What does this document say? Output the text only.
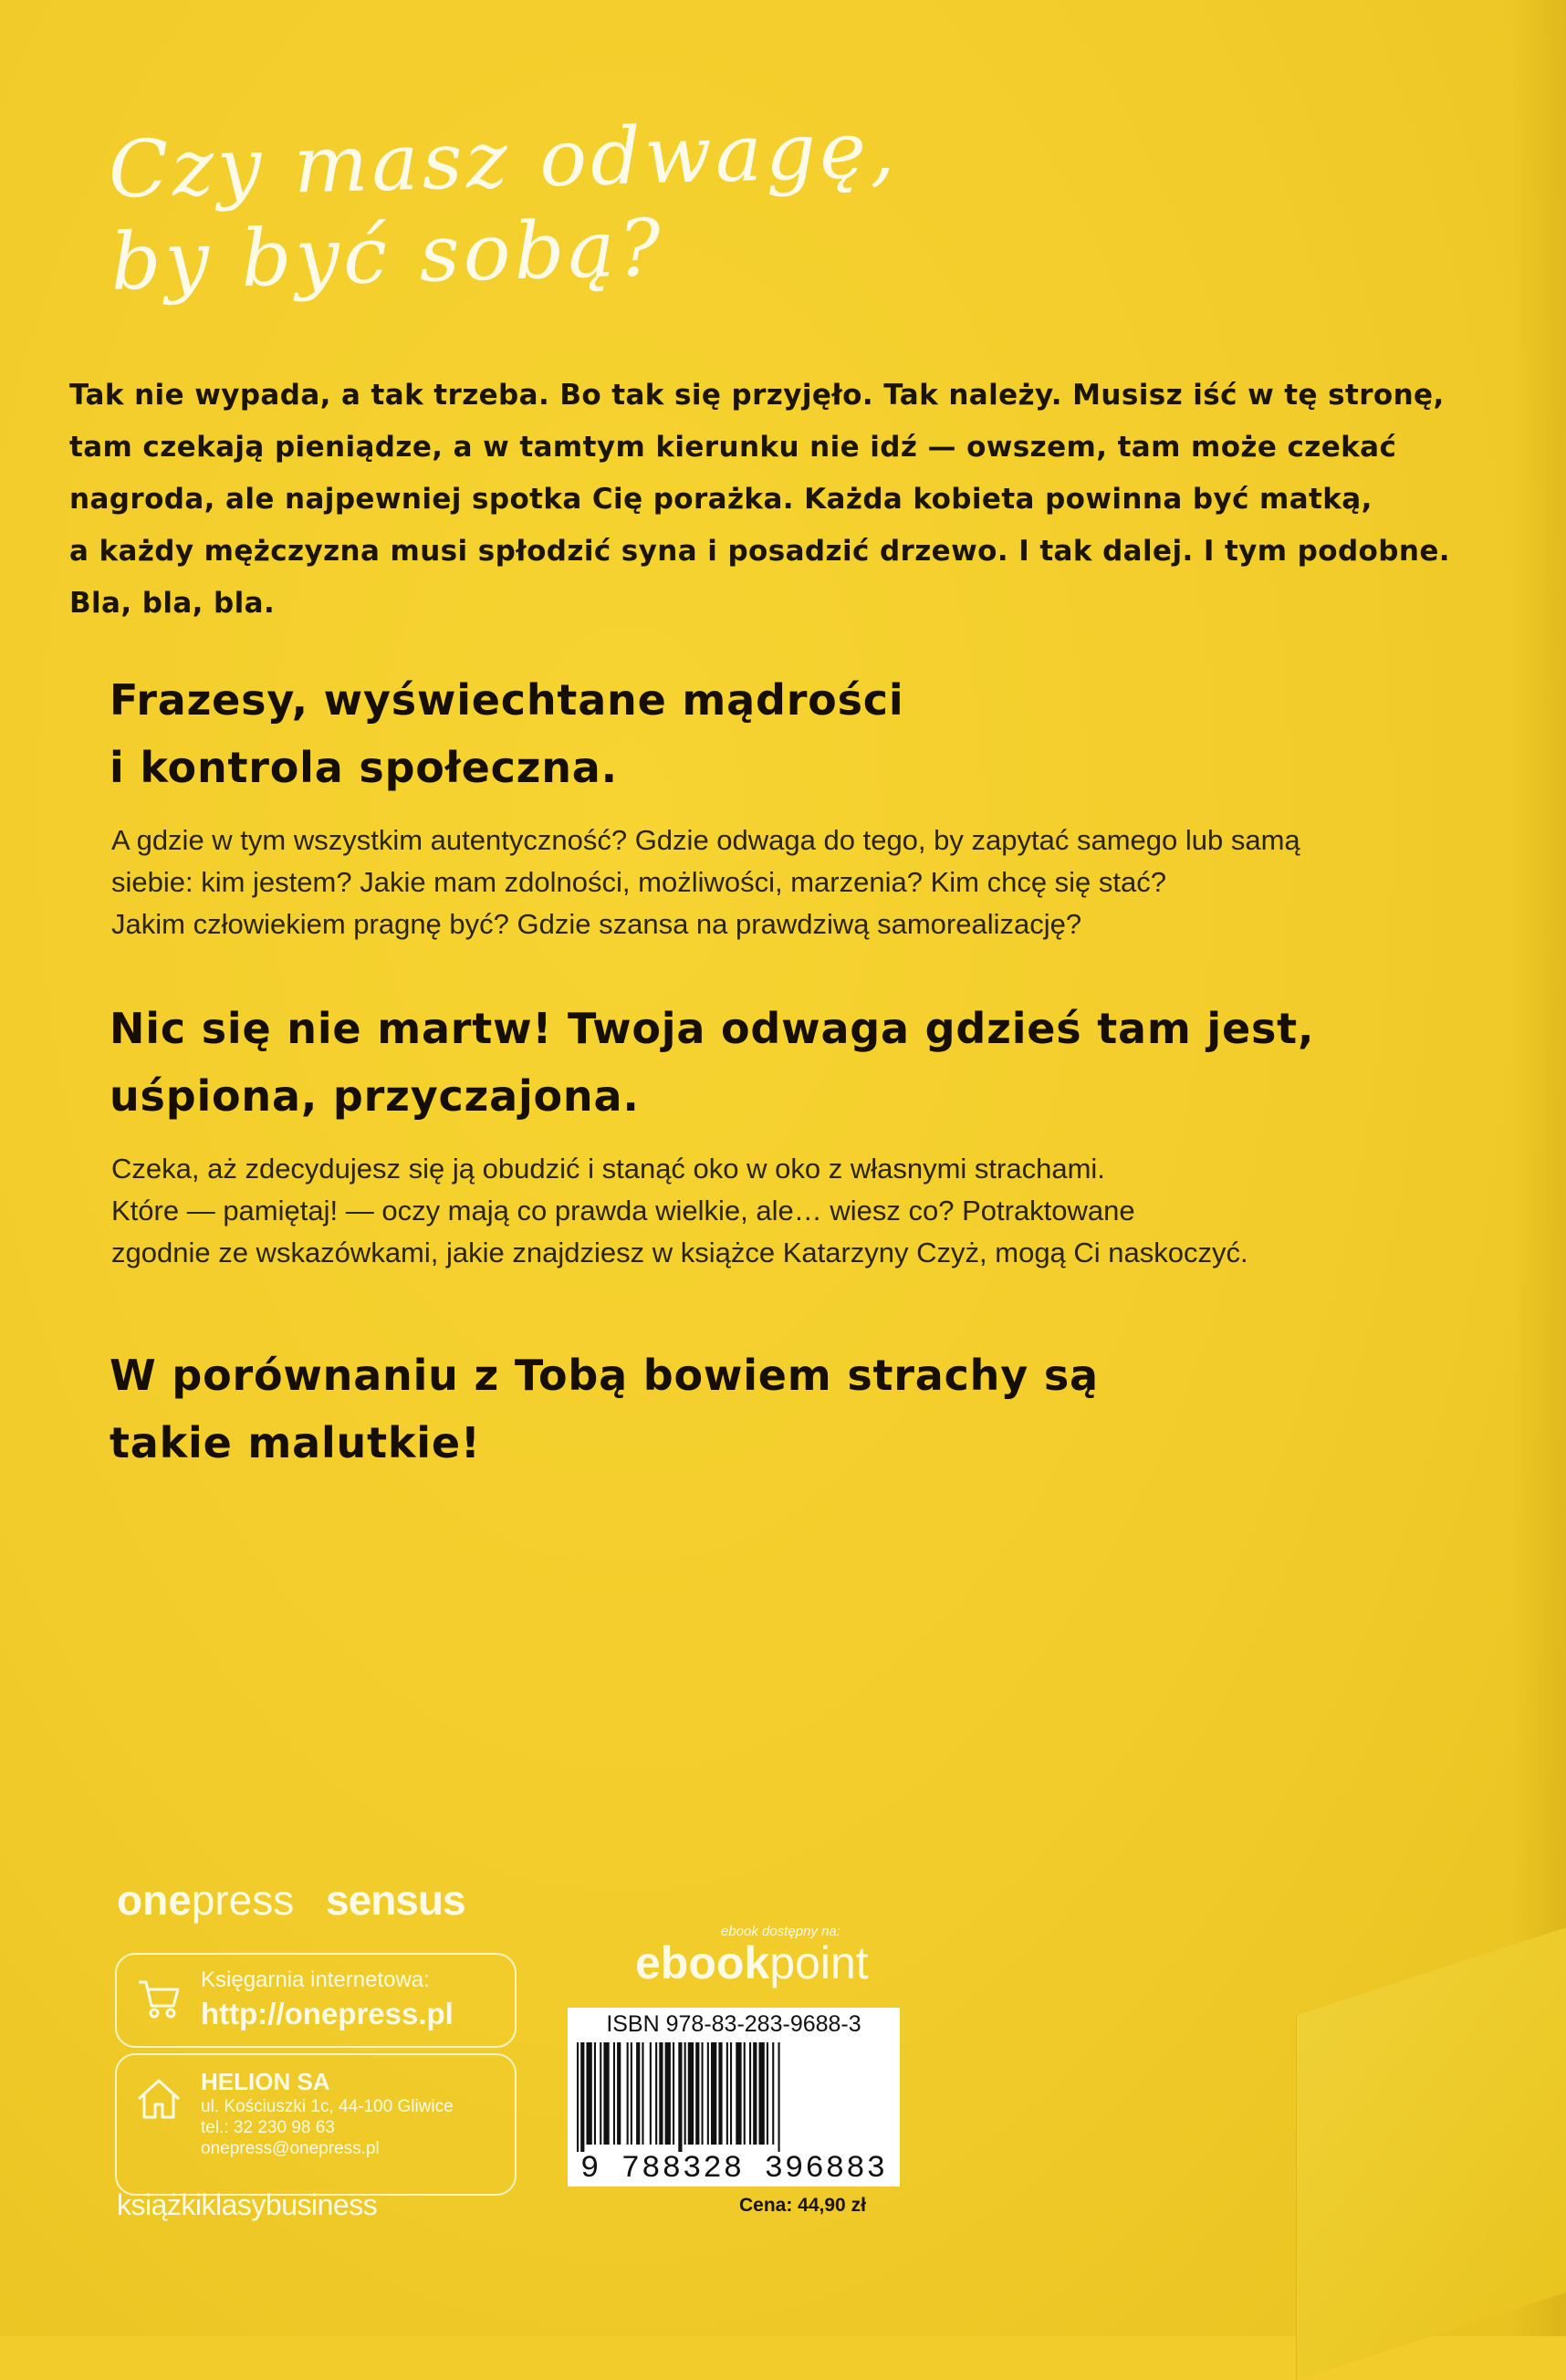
Czy masz odwagę,
by być sobą?
Tak nie wypada, a tak trzeba. Bo tak się przyjęło. Tak należy. Musisz iść w tę stronę,
tam czekają pieniądze, a w tamtym kierunku nie idź — owszem, tam może czekać
nagroda, ale najpewniej spotka Cię porażka. Każda kobieta powinna być matką,
a każdy mężczyzna musi spłodzić syna i posadzić drzewo. I tak dalej. I tym podobne.
Bla, bla, bla.
Frazesy, wyświechtane mądrości
i kontrola społeczna.
A gdzie w tym wszystkim autentyczność? Gdzie odwaga do tego, by zapytać samego lub samą
siebie: kim jestem? Jakie mam zdolności, możliwości, marzenia? Kim chcę się stać?
Jakim człowiekiem pragnę być? Gdzie szansa na prawdziwą samorealizację?
Nic się nie martw! Twoja odwaga gdzieś tam jest,
uśpiona, przyczajona.
Czeka, aż zdecydujesz się ją obudzić i stanąć oko w oko z własnymi strachami.
Które — pamiętaj! — oczy mają co prawda wielkie, ale… wiesz co? Potraktowane
zgodnie ze wskazówkami, jakie znajdziesz w książce Katarzyny Czyż, mogą Ci naskoczyć.
W porównaniu z Tobą bowiem strachy są
takie malutkie!
onepress sensus
Księgarnia internetowa:
http://onepress.pl
HELION SA
ul. Kościuszki 1c, 44-100 Gliwice
tel.: 32 230 98 63
onepress@onepress.pl
książkiklasybusiness
ebook dostępny na:
ebookpoint
ISBN 978-83-283-9688-3
9 788328 396883
Cena: 44,90 zł
